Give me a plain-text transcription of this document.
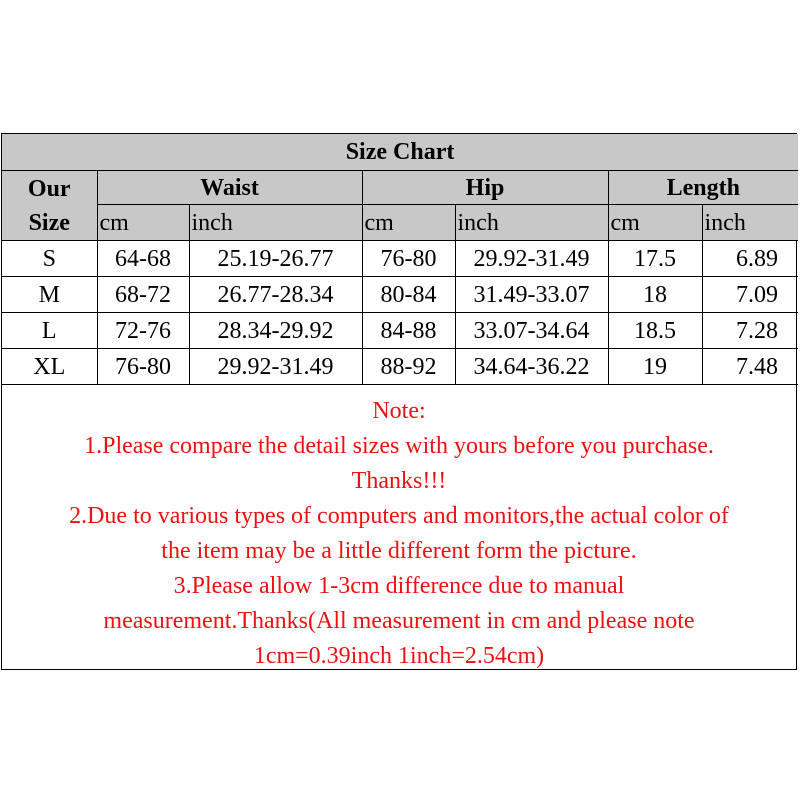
Size Chart						

Our
Size	Waist		Hip		Length	
	cm	inch	cm	inch	cm	inch
S	64-68	25.19-26.77	76-80	29.92-31.49	17.5	6.89
M	68-72	26.77-28.34	80-84	31.49-33.07	18	7.09
L	72-76	28.34-29.92	84-88	33.07-34.64	18.5	7.28
XL	76-80	29.92-31.49	88-92	34.64-36.22	19	7.48
Note:
1.Please compare the detail sizes with yours before you purchase.
Thanks!!!
2.Due to various types of computers and monitors,the actual color of
the item may be a little different form the picture.
3.Please allow 1-3cm difference due to manual
measurement.Thanks(All measurement in cm and please note
1cm=0.39inch 1inch=2.54cm)
